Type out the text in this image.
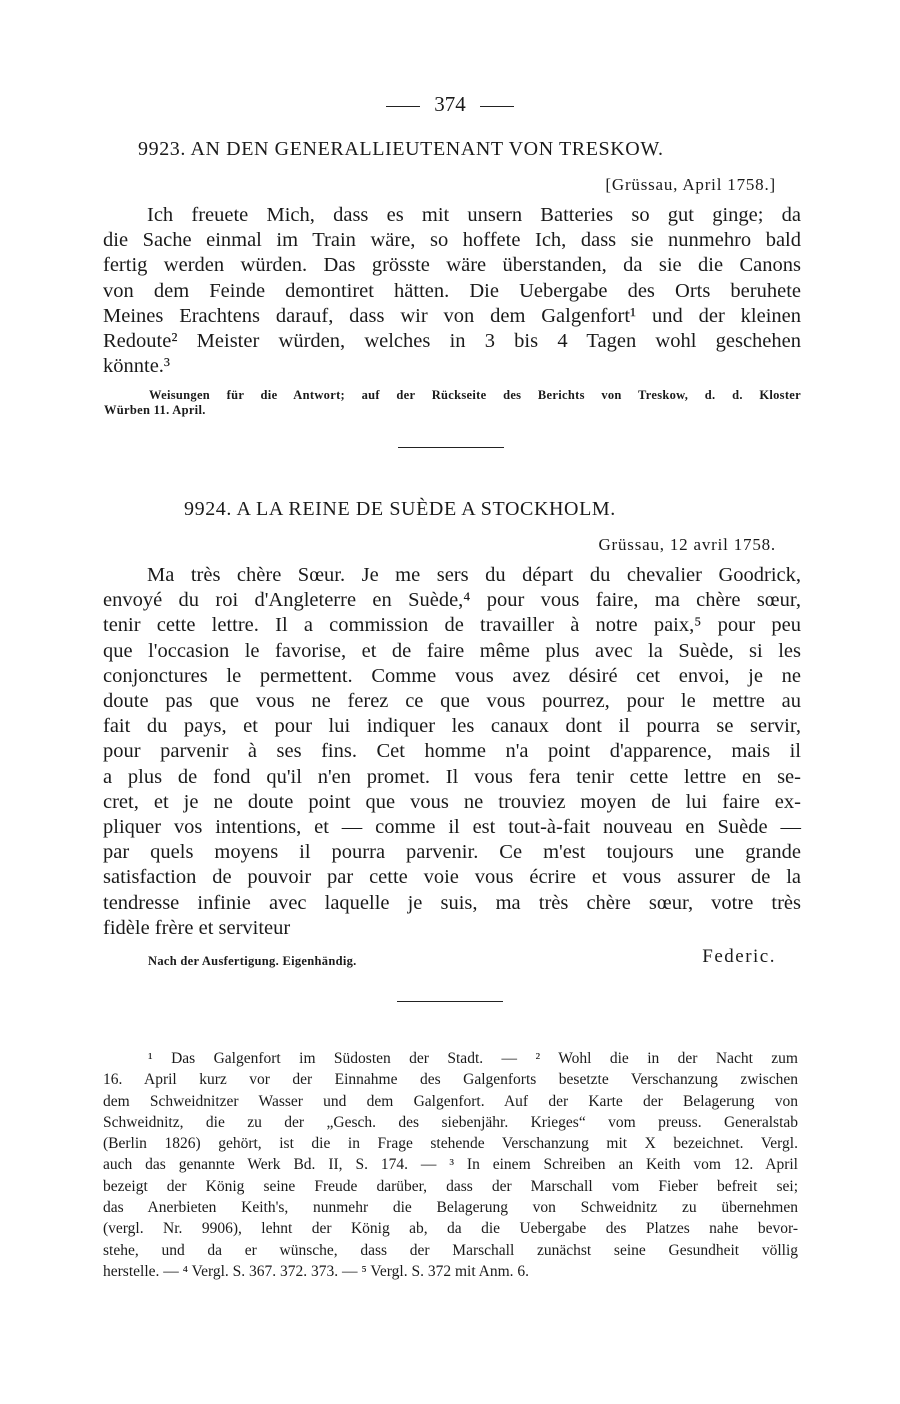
374
9923. AN DEN GENERALLIEUTENANT VON TRESKOW.
[Grüssau, April 1758.]
Ich freuete Mich, dass es mit unsern Batteries so gut ginge; da
die Sache einmal im Train wäre, so hoffete Ich, dass sie nunmehro bald
fertig werden würden. Das grösste wäre überstanden, da sie die Canons
von dem Feinde demontiret hätten. Die Uebergabe des Orts beruhete
Meines Erachtens darauf, dass wir von dem Galgenfort¹ und der kleinen
Redoute² Meister würden, welches in 3 bis 4 Tagen wohl geschehen
könnte.³
Weisungen für die Antwort; auf der Rückseite des Berichts von Treskow, d. d. Kloster
Würben 11. April.
9924. A LA REINE DE SUÈDE A STOCKHOLM.
Grüssau, 12 avril 1758.
Ma très chère Sœur. Je me sers du départ du chevalier Goodrick,
envoyé du roi d'Angleterre en Suède,⁴ pour vous faire, ma chère sœur,
tenir cette lettre. Il a commission de travailler à notre paix,⁵ pour peu
que l'occasion le favorise, et de faire même plus avec la Suède, si les
conjonctures le permettent. Comme vous avez désiré cet envoi, je ne
doute pas que vous ne ferez ce que vous pourrez, pour le mettre au
fait du pays, et pour lui indiquer les canaux dont il pourra se servir,
pour parvenir à ses fins. Cet homme n'a point d'apparence, mais il
a plus de fond qu'il n'en promet. Il vous fera tenir cette lettre en se-
cret, et je ne doute point que vous ne trouviez moyen de lui faire ex-
pliquer vos intentions, et — comme il est tout-à-fait nouveau en Suède —
par quels moyens il pourra parvenir. Ce m'est toujours une grande
satisfaction de pouvoir par cette voie vous écrire et vous assurer de la
tendresse infinie avec laquelle je suis, ma très chère sœur, votre très
fidèle frère et serviteur
Nach der Ausfertigung. Eigenhändig.	Federic.
¹ Das Galgenfort im Südosten der Stadt. — ² Wohl die in der Nacht zum
16. April kurz vor der Einnahme des Galgenforts besetzte Verschanzung zwischen
dem Schweidnitzer Wasser und dem Galgenfort. Auf der Karte der Belagerung von
Schweidnitz, die zu der „Gesch. des siebenjähr. Krieges“ vom preuss. Generalstab
(Berlin 1826) gehört, ist die in Frage stehende Verschanzung mit X bezeichnet. Vergl.
auch das genannte Werk Bd. II, S. 174. — ³ In einem Schreiben an Keith vom 12. April
bezeigt der König seine Freude darüber, dass der Marschall vom Fieber befreit sei;
das Anerbieten Keith's, nunmehr die Belagerung von Schweidnitz zu übernehmen
(vergl. Nr. 9906), lehnt der König ab, da die Uebergabe des Platzes nahe bevor-
stehe, und da er wünsche, dass der Marschall zunächst seine Gesundheit völlig
herstelle. — ⁴ Vergl. S. 367. 372. 373. — ⁵ Vergl. S. 372 mit Anm. 6.
